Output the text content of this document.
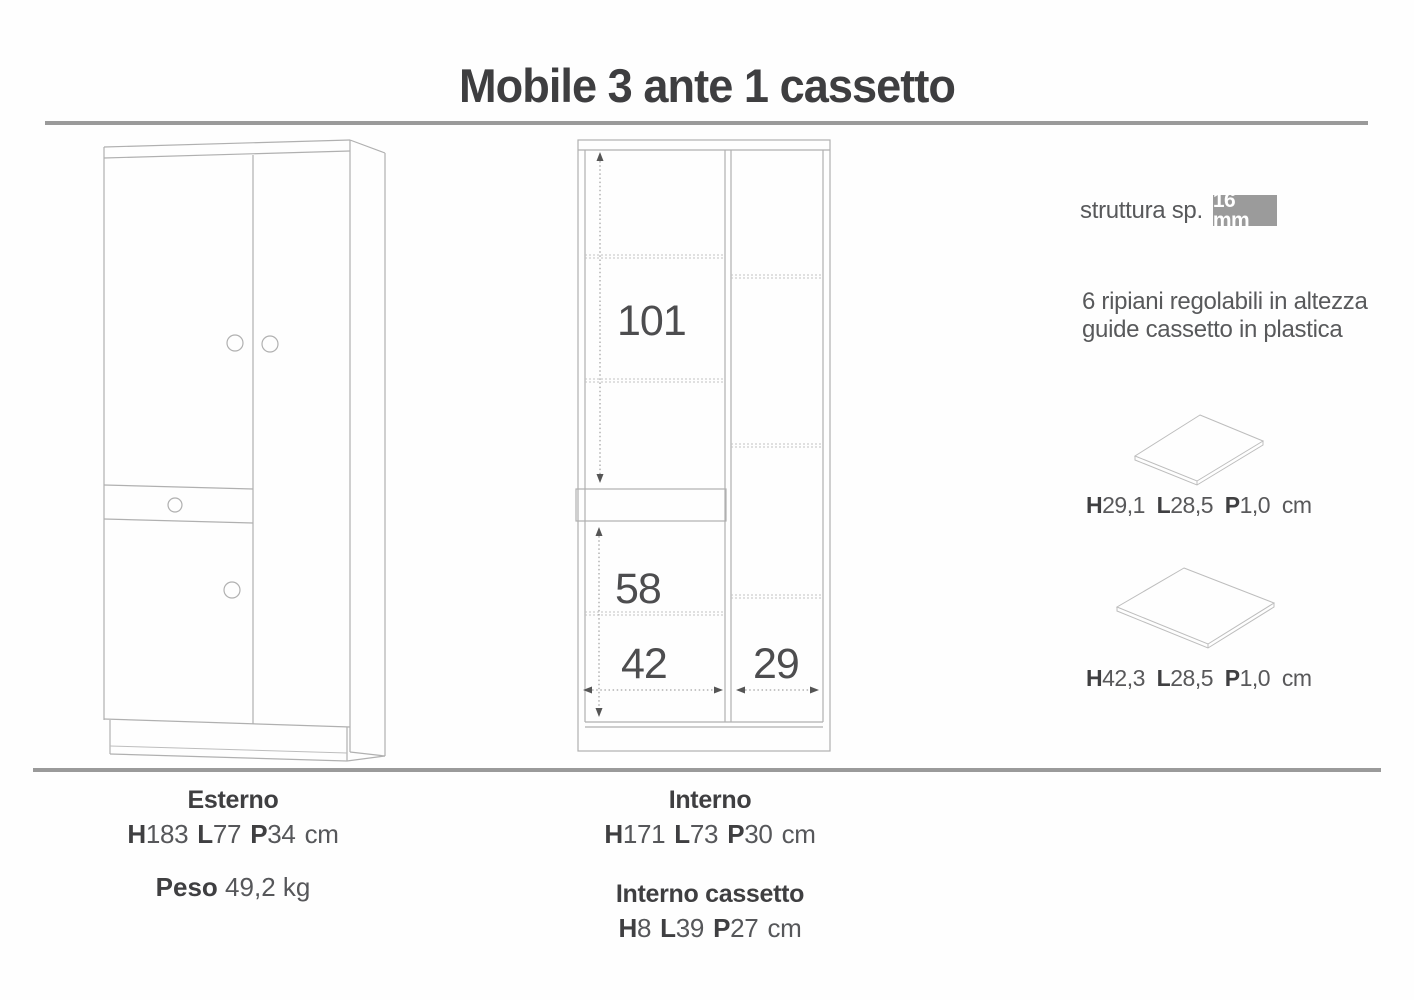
Mobile 3 ante 1 cassetto
101
58
42 29
struttura sp. 16 mm
6 ripiani regolabili in altezza
guide cassetto in plastica
H29,1 L28,5 P1,0 cm
H42,3 L28,5 P1,0 cm
Esterno
H183 L77 P34 cm
Peso 49,2 kg
Interno
H171 L73 P30 cm
Interno cassetto
H8 L39 P27 cm
